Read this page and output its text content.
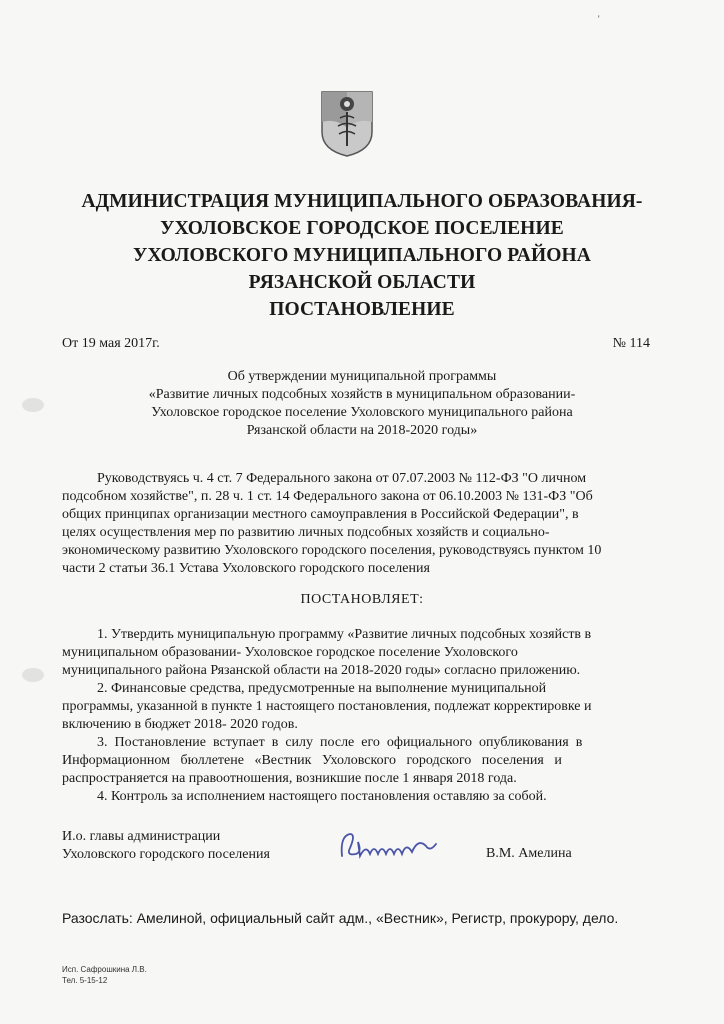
'
АДМИНИСТРАЦИЯ МУНИЦИПАЛЬНОГО ОБРАЗОВАНИЯ-
УХОЛОВСКОЕ ГОРОДСКОЕ ПОСЕЛЕНИЕ
УХОЛОВСКОГО МУНИЦИПАЛЬНОГО РАЙОНА
РЯЗАНСКОЙ ОБЛАСТИ
ПОСТАНОВЛЕНИЕ
От 19 мая 2017г.	№ 114
Об утверждении муниципальной программы
«Развитие личных подсобных хозяйств в муниципальном образовании-
Ухоловское городское поселение Ухоловского муниципального района
Рязанской области на 2018-2020 годы»
Руководствуясь ч. 4 ст. 7 Федерального закона от 07.07.2003 № 112-ФЗ "О личном
подсобном хозяйстве", п. 28 ч. 1 ст. 14 Федерального закона от 06.10.2003 № 131-ФЗ "Об
общих принципах организации местного самоуправления в Российской Федерации", в
целях осуществления мер по развитию личных подсобных хозяйств и социально-
экономическому развитию Ухоловского городского поселения, руководствуясь пунктом 10
части 2 статьи 36.1 Устава Ухоловского городского поселения
ПОСТАНОВЛЯЕТ:
1. Утвердить муниципальную программу «Развитие личных подсобных хозяйств в
муниципальном образовании- Ухоловское городское поселение Ухоловского
муниципального района Рязанской области на 2018-2020 годы» согласно приложению.
2. Финансовые средства, предусмотренные на выполнение муниципальной
программы, указанной в пункте 1 настоящего постановления, подлежат корректировке и
включению в бюджет 2018- 2020 годов.
3.  Постановление  вступает  в  силу  после  его  официального  опубликования  в
Информационном   бюллетене   «Вестник   Ухоловского   городского   поселения   и
распространяется на правоотношения, возникшие после 1 января 2018 года.
4. Контроль за исполнением настоящего постановления оставляю за собой.
И.о. главы администрации
Ухоловского городского поселения	В.М. Амелина
Разослать: Амелиной, официальный сайт адм., «Вестник», Регистр, прокурору, дело.
Исп. Сафрошкина Л.В.
Тел. 5-15-12
